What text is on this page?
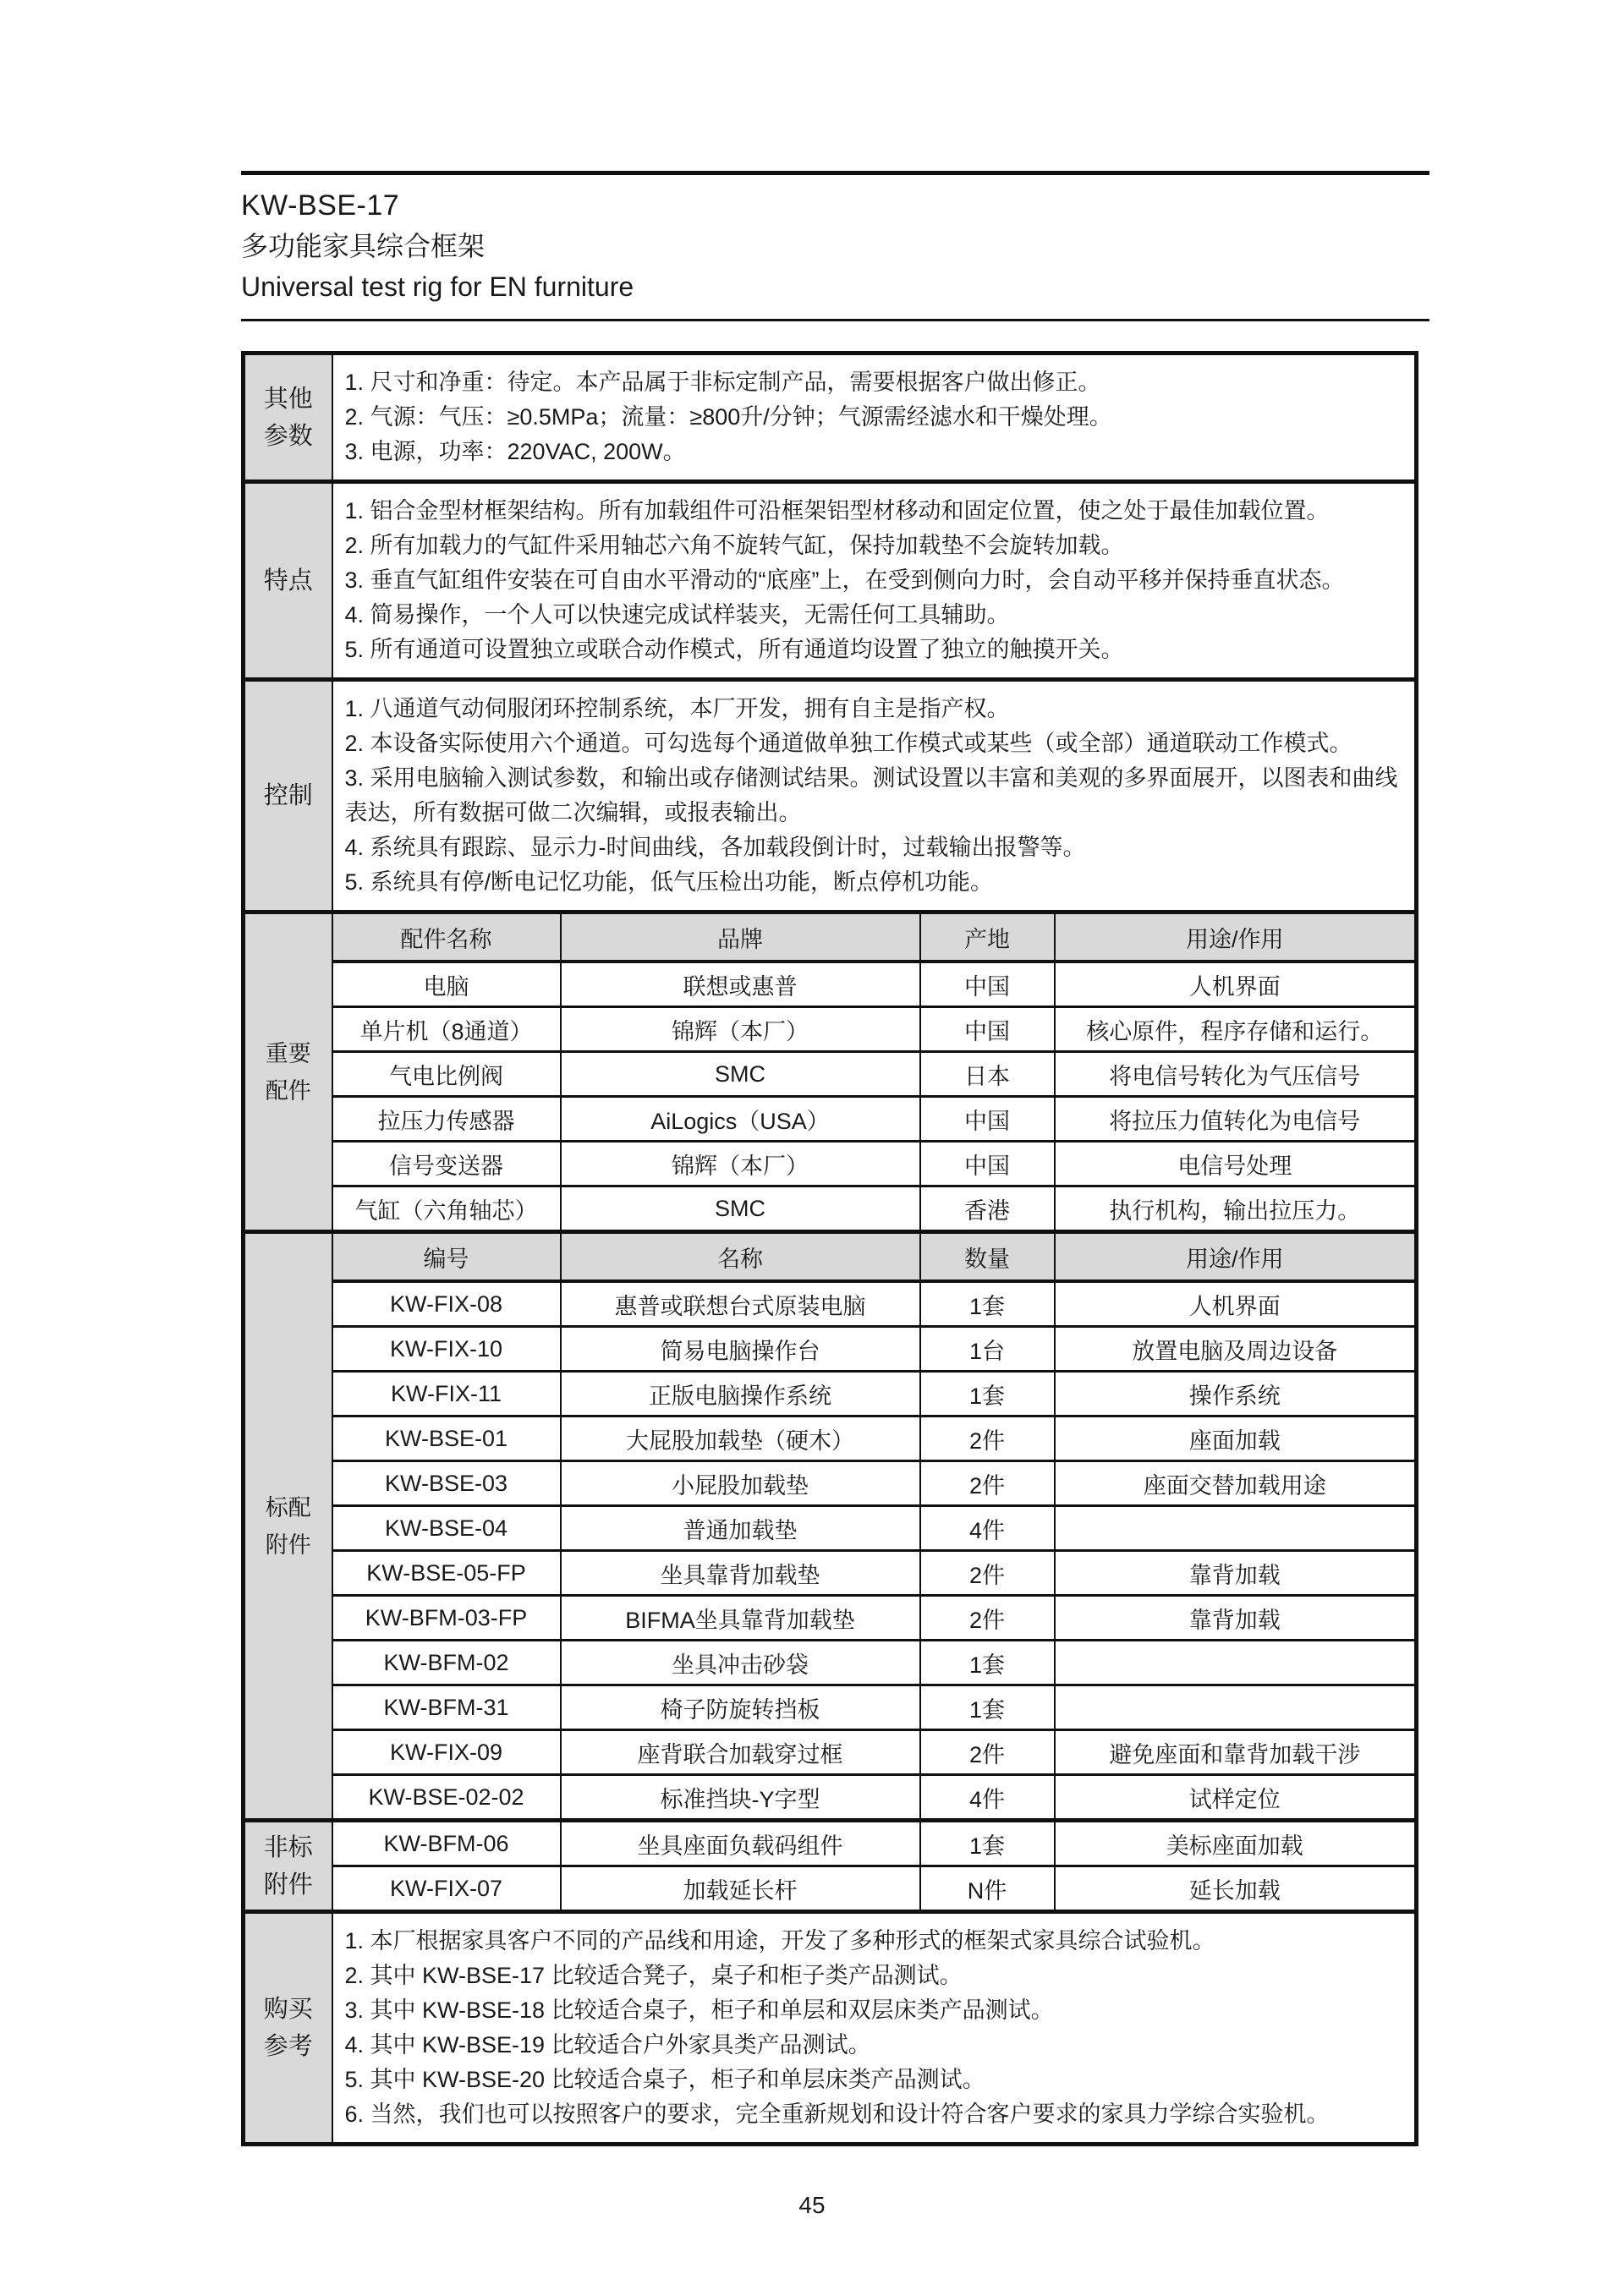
KW-BSE-17
多功能家具综合框架
Universal test rig for EN furniture
其他参数	1. 尺寸和净重：待定。本产品属于非标定制产品，需要根据客户做出修正。

2. 气源：气压：≥0.5MPa；流量：≥800升/分钟；气源需经滤水和干燥处理。

3. 电源，功率：220VAC, 200W。			

特点	1. 铝合金型材框架结构。所有加载组件可沿框架铝型材移动和固定位置，使之处于最佳加载位置。

2. 所有加载力的气缸件采用轴芯六角不旋转气缸，保持加载垫不会旋转加载。

3. 垂直气缸组件安装在可自由水平滑动的“底座”上，在受到侧向力时，会自动平移并保持垂直状态。

4. 简易操作，一个人可以快速完成试样装夹，无需任何工具辅助。

5. 所有通道可设置独立或联合动作模式，所有通道均设置了独立的触摸开关。			

控制	1. 八通道气动伺服闭环控制系统，本厂开发，拥有自主是指产权。

2. 本设备实际使用六个通道。可勾选每个通道做单独工作模式或某些（或全部）通道联动工作模式。

3. 采用电脑输入测试参数，和输出或存储测试结果。测试设置以丰富和美观的多界面展开，以图表和曲线表达，所有数据可做二次编辑，或报表输出。

4. 系统具有跟踪、显示力-时间曲线，各加载段倒计时，过载输出报警等。

5. 系统具有停/断电记忆功能，低气压检出功能，断点停机功能。			

重要配件	配件名称	品牌	产地	用途/作用
	电脑	联想或惠普	中国	人机界面
	单片机（8通道）	锦辉（本厂）	中国	核心原件，程序存储和运行。
	气电比例阀	SMC	日本	将电信号转化为气压信号
	拉压力传感器	AiLogics（USA）	中国	将拉压力值转化为电信号
	信号变送器	锦辉（本厂）	中国	电信号处理
	气缸（六角轴芯）	SMC	香港	执行机构，输出拉压力。
标配附件	编号	名称	数量	用途/作用
	KW-FIX-08	惠普或联想台式原装电脑	1套	人机界面
	KW-FIX-10	简易电脑操作台	1台	放置电脑及周边设备
	KW-FIX-11	正版电脑操作系统	1套	操作系统
	KW-BSE-01	大屁股加载垫（硬木）	2件	座面加载
	KW-BSE-03	小屁股加载垫	2件	座面交替加载用途
	KW-BSE-04	普通加载垫	4件	
	KW-BSE-05-FP	坐具靠背加载垫	2件	靠背加载
	KW-BFM-03-FP	BIFMA坐具靠背加载垫	2件	靠背加载
	KW-BFM-02	坐具冲击砂袋	1套	
	KW-BFM-31	椅子防旋转挡板	1套	
	KW-FIX-09	座背联合加载穿过框	2件	避免座面和靠背加载干涉
	KW-BSE-02-02	标准挡块-Y字型	4件	试样定位
非标附件	KW-BFM-06	坐具座面负载码组件	1套	美标座面加载
	KW-FIX-07	加载延长杆	N件	延长加载
购买参考	

1. 本厂根据家具客户不同的产品线和用途，开发了多种形式的框架式家具综合试验机。

2. 其中 KW-BSE-17 比较适合凳子，桌子和柜子类产品测试。

3. 其中 KW-BSE-18 比较适合桌子，柜子和单层和双层床类产品测试。

4. 其中 KW-BSE-19 比较适合户外家具类产品测试。

5. 其中 KW-BSE-20 比较适合桌子，柜子和单层床类产品测试。

6. 当然，我们也可以按照客户的要求，完全重新规划和设计符合客户要求的家具力学综合实验机。

45
